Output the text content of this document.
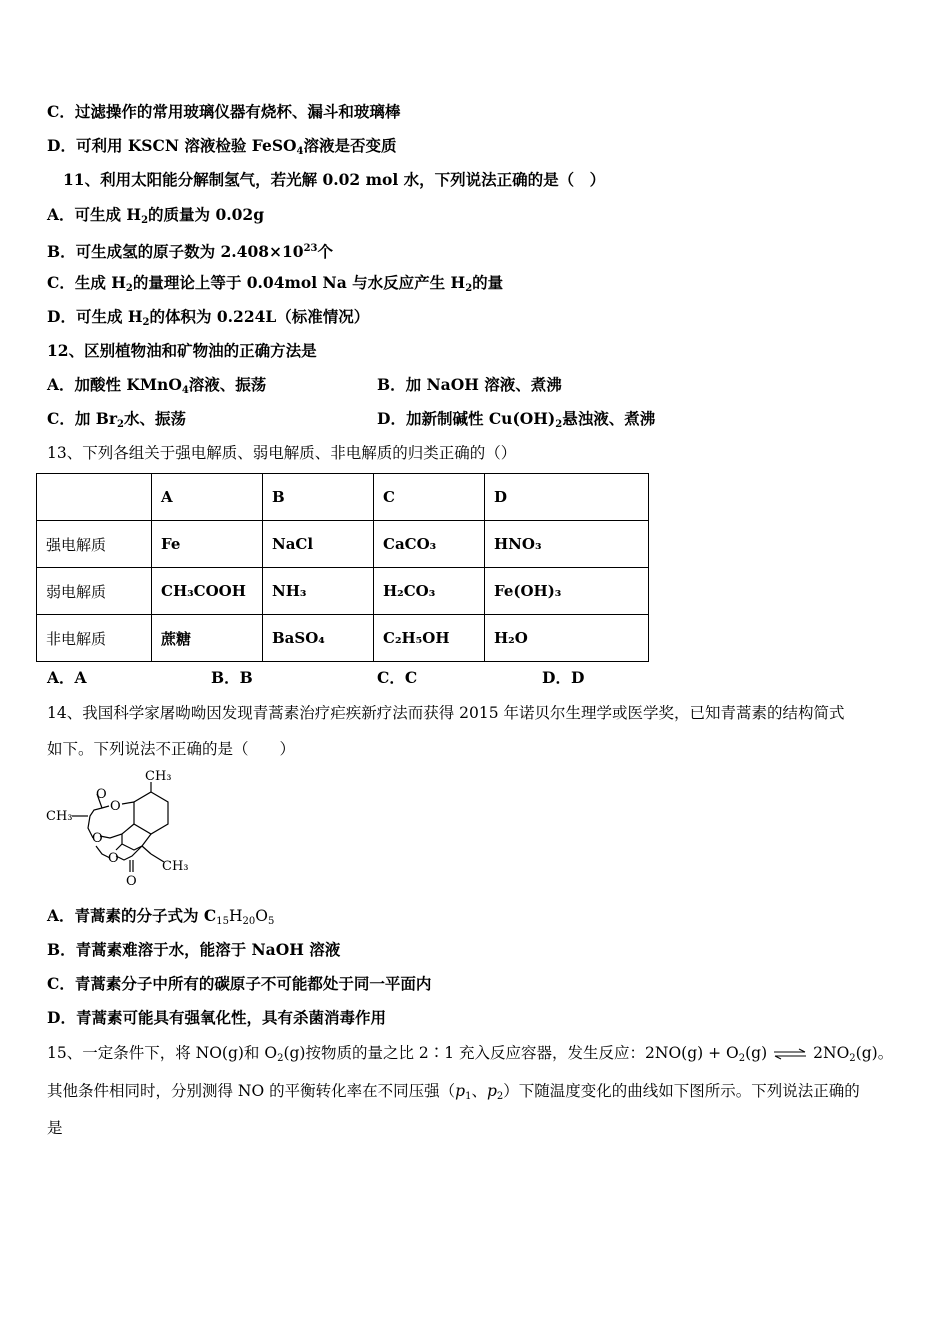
C．过滤操作的常用玻璃仪器有烧杯、漏斗和玻璃棒
D．可利用 KSCN 溶液检验 FeSO$_4$溶液是否变质
11、利用太阳能分解制氢气，若光解 0.02 mol 水，下列说法正确的是（　）
A．可生成 $H_2$的质量为 0.02g
B．可生成氢的原子数为 $2.408\times 10^{23}$个
C．生成 $H_2$的量理论上等于 0.04mol Na 与水反应产生 $H_2$的量
D．可生成 $H_2$的体积为 0.224L（标准情况）
12、区别植物油和矿物油的正确方法是
A．加酸性 KMnO$_4$溶液、振荡	B．加 NaOH 溶液、煮沸
C．加 $Br_2$水、振荡	D．加新制碱性 $Cu(OH)_2$悬浊液、煮沸
13、下列各组关于强电解质、弱电解质、非电解质的归类正确的（）
	A	B	C	D
强电解质	Fe	NaCl	CaCO₃	HNO₃
弱电解质	CH₃COOH	NH₃	H₂CO₃	Fe(OH)₃
非电解质	蔗糖	BaSO₄	C₂H₅OH	H₂O
A．A	B．B	C．C	D．D
14、我国科学家屠呦呦因发现青蒿素治疗疟疾新疗法而获得 2015 年诺贝尔生理学或医学奖，已知青蒿素的结构简式
如下。下列说法不正确的是（　　）
CH₃
CH₃
CH₃
O
O
O
O
O
A．青蒿素的分子式为 $C_{15}H_{20}O_5$
B．青蒿素难溶于水，能溶于 NaOH 溶液
C．青蒿素分子中所有的碳原子不可能都处于同一平面内
D．青蒿素可能具有强氧化性，具有杀菌消毒作用
15、一定条件下，将 NO(g)和 $O_2(g)$按物质的量之比 2∶1 充入反应容器，发生反应：$2NO(g) + O_2(g)$ ⇌ $2NO_2(g)$。
其他条件相同时，分别测得 NO 的平衡转化率在不同压强（$p_1$、$p_2$）下随温度变化的曲线如下图所示。下列说法正确的
是
